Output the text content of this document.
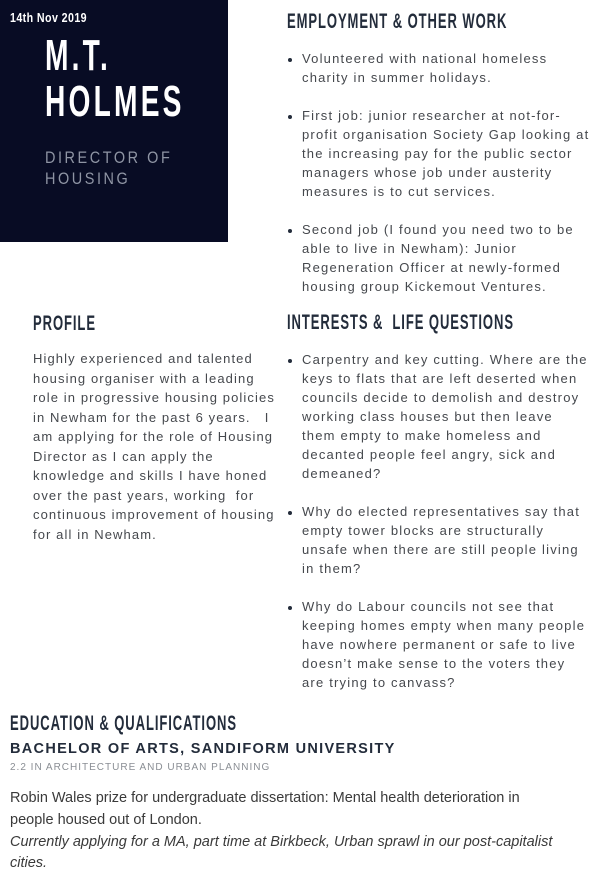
14th Nov 2019
M.T. HOLMES
DIRECTOR OF HOUSING
PROFILE

Highly experienced and talented housing organiser with a leading role in progressive housing policies in Newham for the past 6 years.   I am applying for the role of Housing Director as I can apply the knowledge and skills I have honed over the past years, working  for continuous improvement of housing for all in Newham.

EMPLOYMENT & OTHER WORK
• Volunteered with national homeless charity in summer holidays.
• First job: junior researcher at not-for-profit organisation Society Gap looking at the increasing pay for the public sector managers whose job under austerity measures is to cut services.
• Second job (I found you need two to be able to live in Newham): Junior Regeneration Officer at newly-formed housing group Kickemout Ventures.
INTERESTS &  LIFE QUESTIONS
• Carpentry and key cutting. Where are the keys to flats that are left deserted when councils decide to demolish and destroy working class houses but then leave them empty to make homeless and decanted people feel angry, sick and demeaned?
• Why do elected representatives say that empty tower blocks are structurally unsafe when there are still people living in them?
• Why do Labour councils not see that keeping homes empty when many people have nowhere permanent or safe to live doesn’t make sense to the voters they are trying to canvass?
EDUCATION & QUALIFICATIONS
BACHELOR OF ARTS, SANDIFORM UNIVERSITY
2.2 IN ARCHITECTURE AND URBAN PLANNING

Robin Wales prize for undergraduate dissertation: Mental health deterioration in people housed out of London.

Currently applying for a MA, part time at Birkbeck, Urban sprawl in our post-capitalist cities.
